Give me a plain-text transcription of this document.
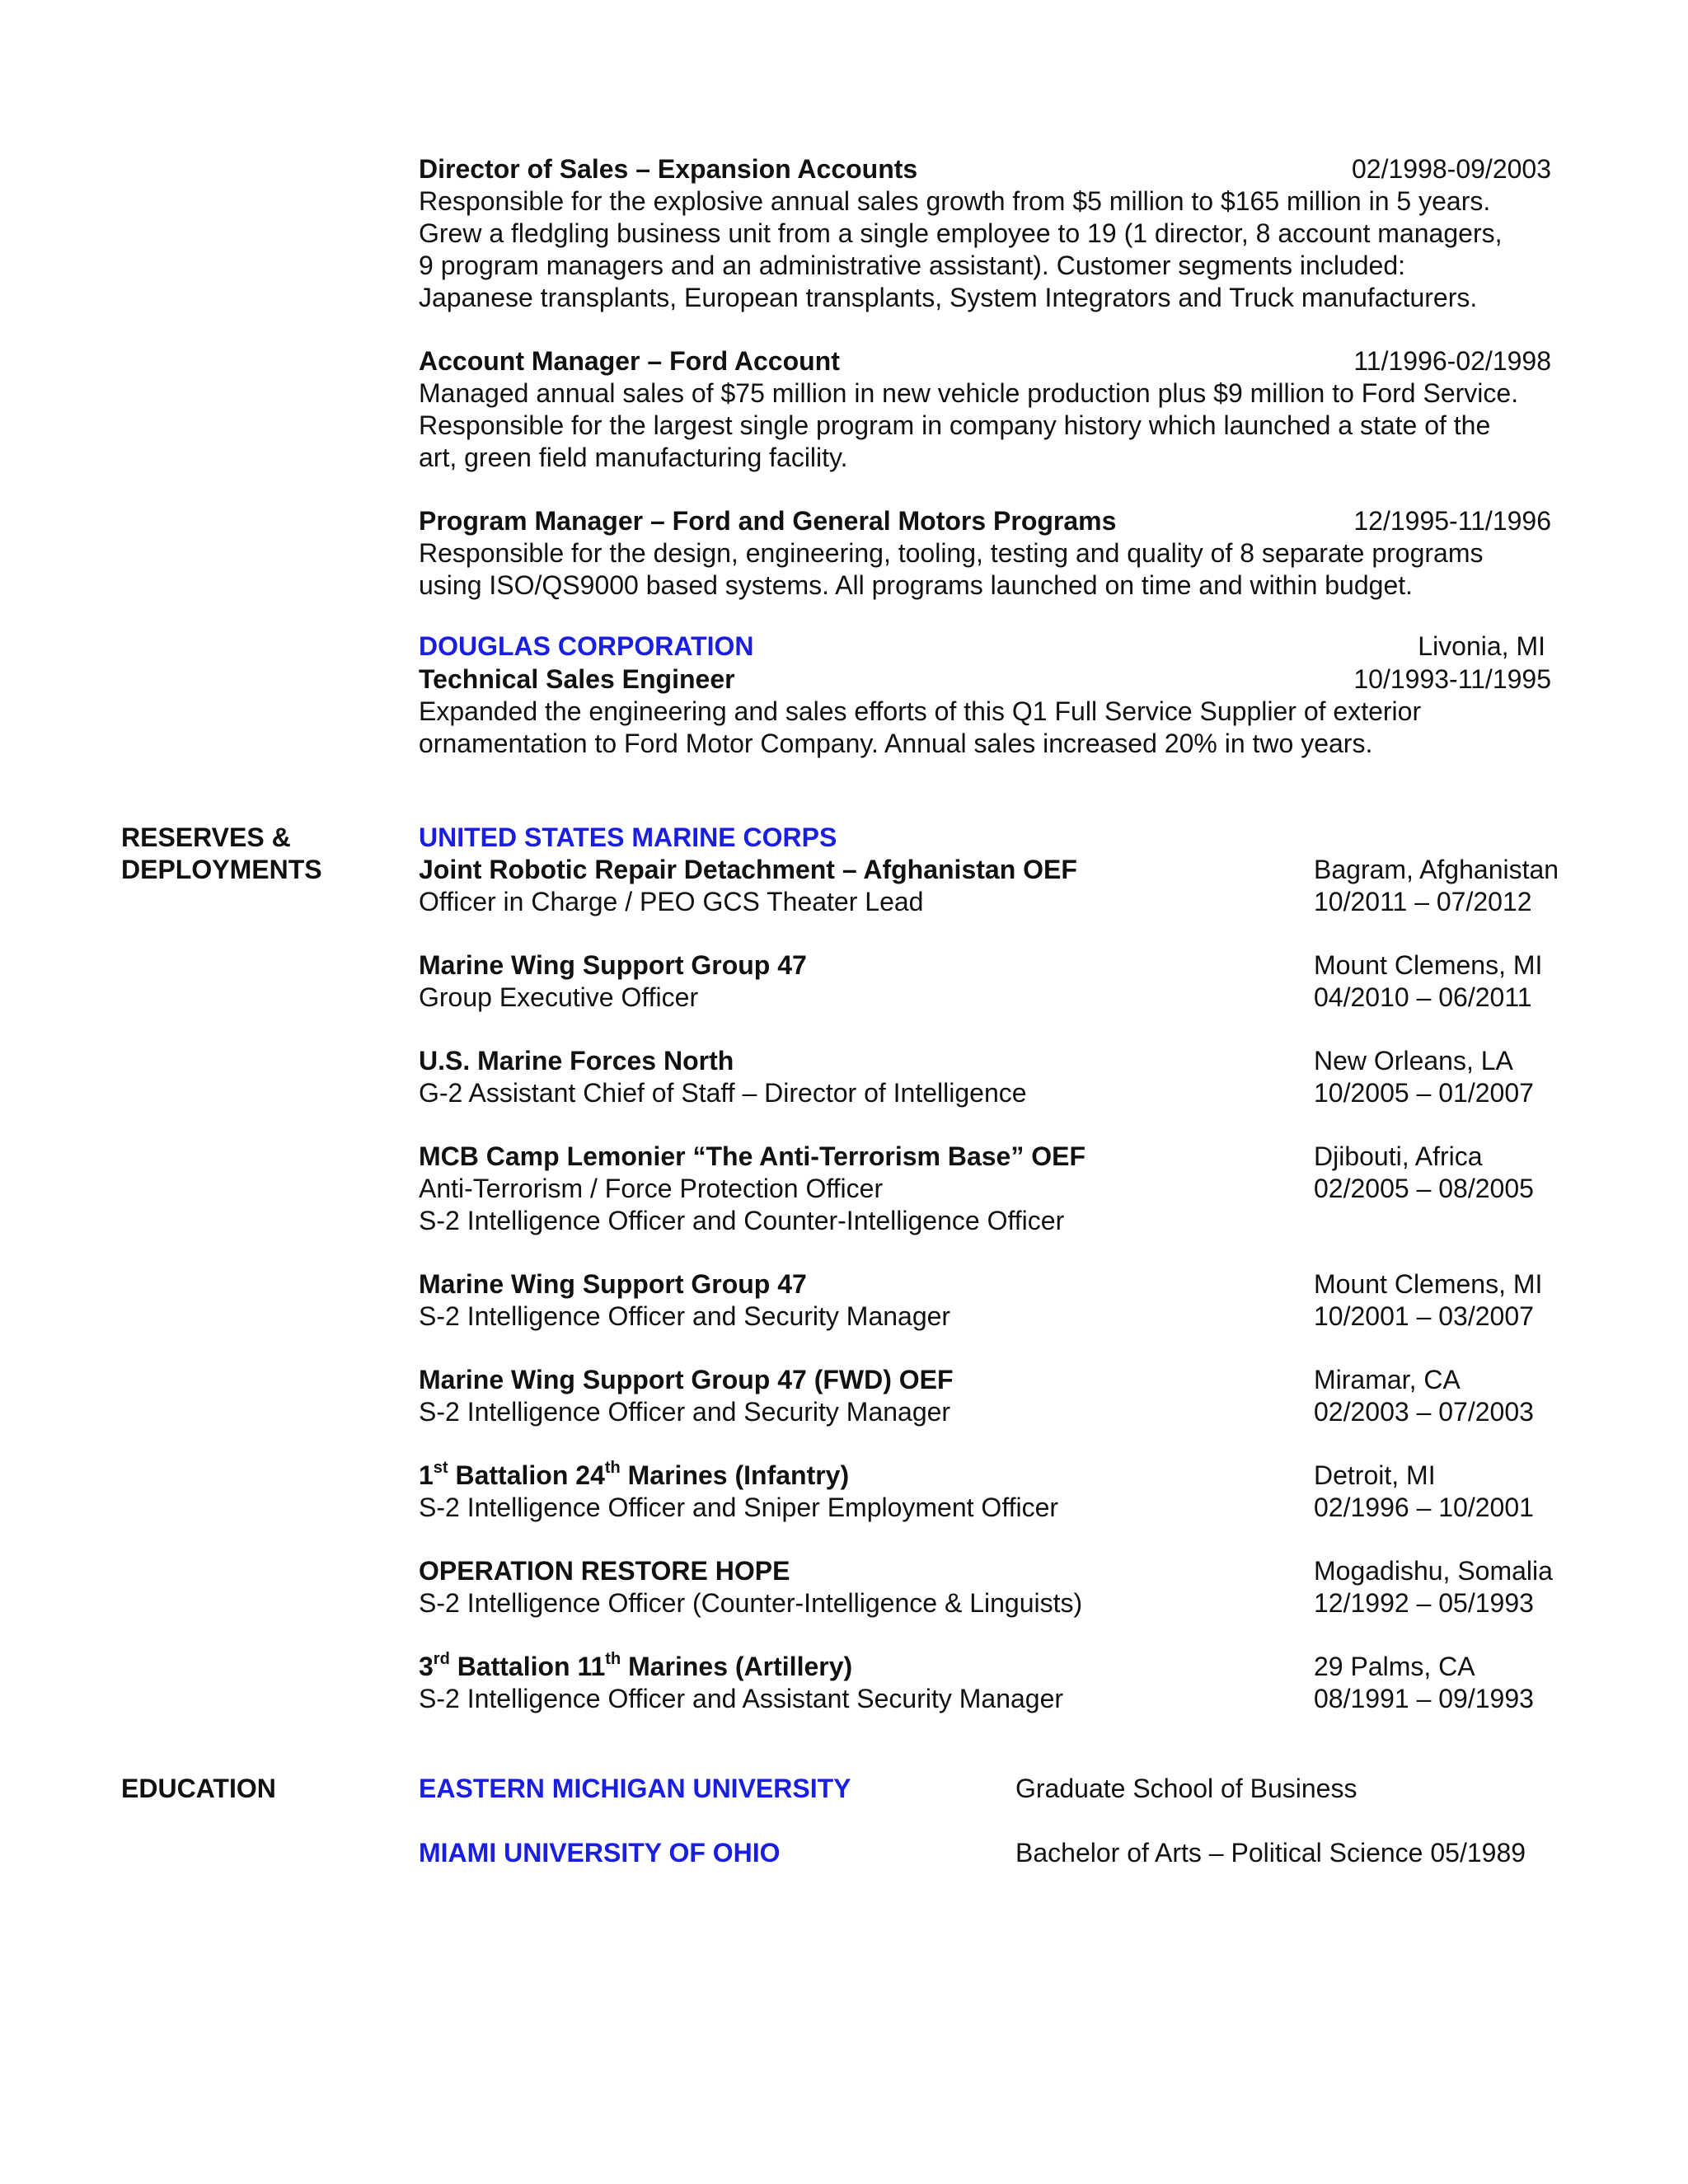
Director of Sales – Expansion Accounts	02/1998-09/2003
Responsible for the explosive annual sales growth from $5 million to $165 million in 5 years.
Grew a fledgling business unit from a single employee to 19 (1 director, 8 account managers,
9 program managers and an administrative assistant). Customer segments included:
Japanese transplants, European transplants, System Integrators and Truck manufacturers.
Account Manager – Ford Account	11/1996-02/1998
Managed annual sales of $75 million in new vehicle production plus $9 million to Ford Service.
Responsible for the largest single program in company history which launched a state of the
art, green field manufacturing facility.
Program Manager – Ford and General Motors Programs	12/1995-11/1996
Responsible for the design, engineering, tooling, testing and quality of 8 separate programs
using ISO/QS9000 based systems. All programs launched on time and within budget.
DOUGLAS CORPORATION	Livonia, MI
Technical Sales Engineer	10/1993-11/1995
Expanded the engineering and sales efforts of this Q1 Full Service Supplier of exterior
ornamentation to Ford Motor Company. Annual sales increased 20% in two years.
RESERVES &
DEPLOYMENTS
UNITED STATES MARINE CORPS
Joint Robotic Repair Detachment – Afghanistan OEF	Bagram, Afghanistan
Officer in Charge / PEO GCS Theater Lead	10/2011 – 07/2012
Marine Wing Support Group 47	Mount Clemens, MI
Group Executive Officer	04/2010 – 06/2011
U.S. Marine Forces North	New Orleans, LA
G-2 Assistant Chief of Staff – Director of Intelligence	10/2005 – 01/2007
MCB Camp Lemonier “The Anti-Terrorism Base” OEF	Djibouti, Africa
Anti-Terrorism / Force Protection Officer	02/2005 – 08/2005
S-2 Intelligence Officer and Counter-Intelligence Officer
Marine Wing Support Group 47	Mount Clemens, MI
S-2 Intelligence Officer and Security Manager	10/2001 – 03/2007
Marine Wing Support Group 47 (FWD) OEF	Miramar, CA
S-2 Intelligence Officer and Security Manager	02/2003 – 07/2003
1st Battalion 24th Marines (Infantry)	Detroit, MI
S-2 Intelligence Officer and Sniper Employment Officer	02/1996 – 10/2001
OPERATION RESTORE HOPE	Mogadishu, Somalia
S-2 Intelligence Officer (Counter-Intelligence & Linguists)	12/1992 – 05/1993
3rd Battalion 11th Marines (Artillery)	29 Palms, CA
S-2 Intelligence Officer and Assistant Security Manager	08/1991 – 09/1993
EDUCATION	EASTERN MICHIGAN UNIVERSITY	Graduate School of Business
MIAMI UNIVERSITY OF OHIO	Bachelor of Arts – Political Science 05/1989
